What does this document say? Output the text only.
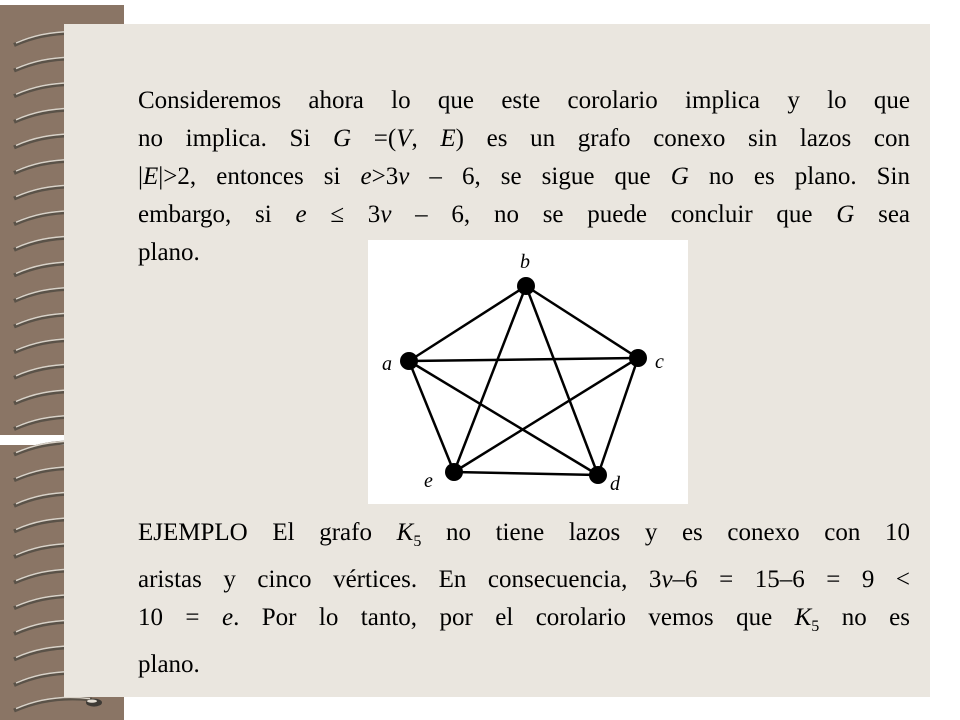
Consideremos ahora lo que este corolario implica y lo que
no implica. Si G =(V, E) es un grafo conexo sin lazos con
|E|>2, entonces si e>3v – 6, se sigue que G no es plano. Sin
embargo, si e ≤ 3v – 6, no se puede concluir que G sea
plano.
a
b
c
d
e
EJEMPLO El grafo $K_5$ no tiene lazos y es conexo con 10
aristas y cinco vértices. En consecuencia, 3v–6 = 15–6 = 9 <
10 = e. Por lo tanto, por el corolario vemos que $K_5$ no es
plano.
